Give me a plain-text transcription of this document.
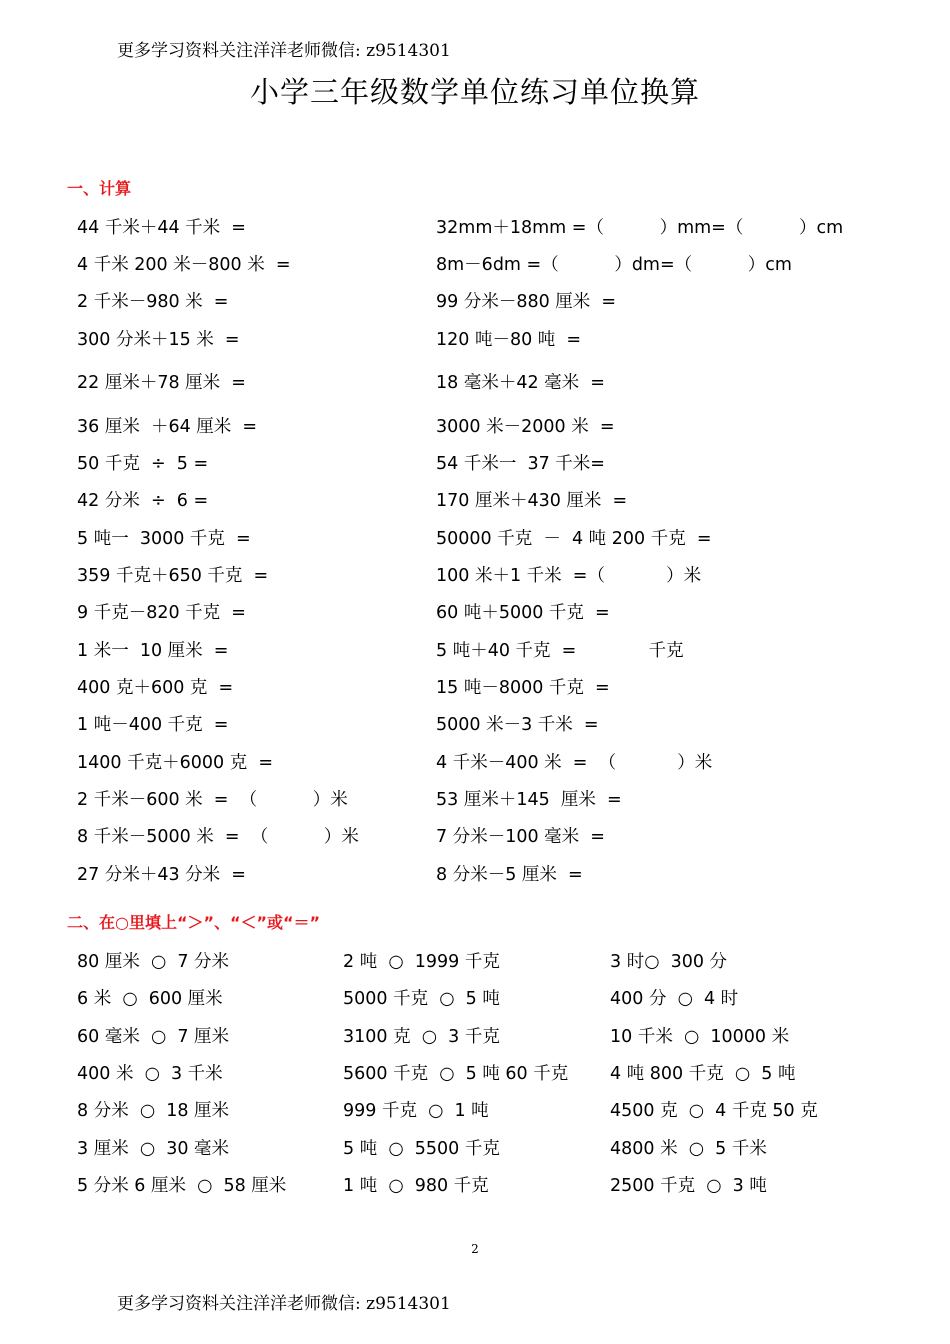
更多学习资料关注洋洋老师微信: z9514301
小学三年级数学单位练习单位换算
一、计算
44 千米＋44 千米  =
4 千米 200 米－800 米  =
2 千米－980 米  =
300 分米＋15 米  =
22 厘米＋78 厘米  =
36 厘米  ＋64 厘米  =
50 千克  ÷  5 =
42 分米  ÷  6 =
5 吨一  3000 千克  =
359 千克＋650 千克  =
9 千克－820 千克  =
1 米一  10 厘米  =
400 克＋600 克  =
1 吨－400 千克  =
1400 千克＋6000 克  =
2 千米－600 米  =  （          ）米
8 千米－5000 米  =  （          ）米
27 分米＋43 分米  =
32mm＋18mm =（          ）mm=（          ）cm
8m－6dm =（          ）dm=（          ）cm
99 分米－880 厘米  =
120 吨－80 吨  =
18 毫米＋42 毫米  =
3000 米－2000 米  =
54 千米一  37 千米=
170 厘米＋430 厘米  =
50000 千克  －  4 吨 200 千克  =
100 米＋1 千米  =（           ）米
60 吨＋5000 千克  =
5 吨＋40 千克  =             千克
15 吨－8000 千克  =
5000 米－3 千米  =
4 千米－400 米  =  （           ）米
53 厘米＋145  厘米  =
7 分米－100 毫米  =
8 分米－5 厘米  =
二、在○里填上“＞”、“＜”或“＝”
80 厘米  ○  7 分米
6 米  ○  600 厘米
60 毫米  ○  7 厘米
400 米  ○  3 千米
8 分米  ○  18 厘米
3 厘米  ○  30 毫米
5 分米 6 厘米  ○  58 厘米
2 吨  ○  1999 千克
5000 千克  ○  5 吨
3100 克  ○  3 千克
5600 千克  ○  5 吨 60 千克
999 千克  ○  1 吨
5 吨  ○  5500 千克
1 吨  ○  980 千克
3 时○  300 分
400 分  ○  4 时
10 千米  ○  10000 米
4 吨 800 千克  ○  5 吨
4500 克  ○  4 千克 50 克
4800 米  ○  5 千米
2500 千克  ○  3 吨
2
更多学习资料关注洋洋老师微信: z9514301
